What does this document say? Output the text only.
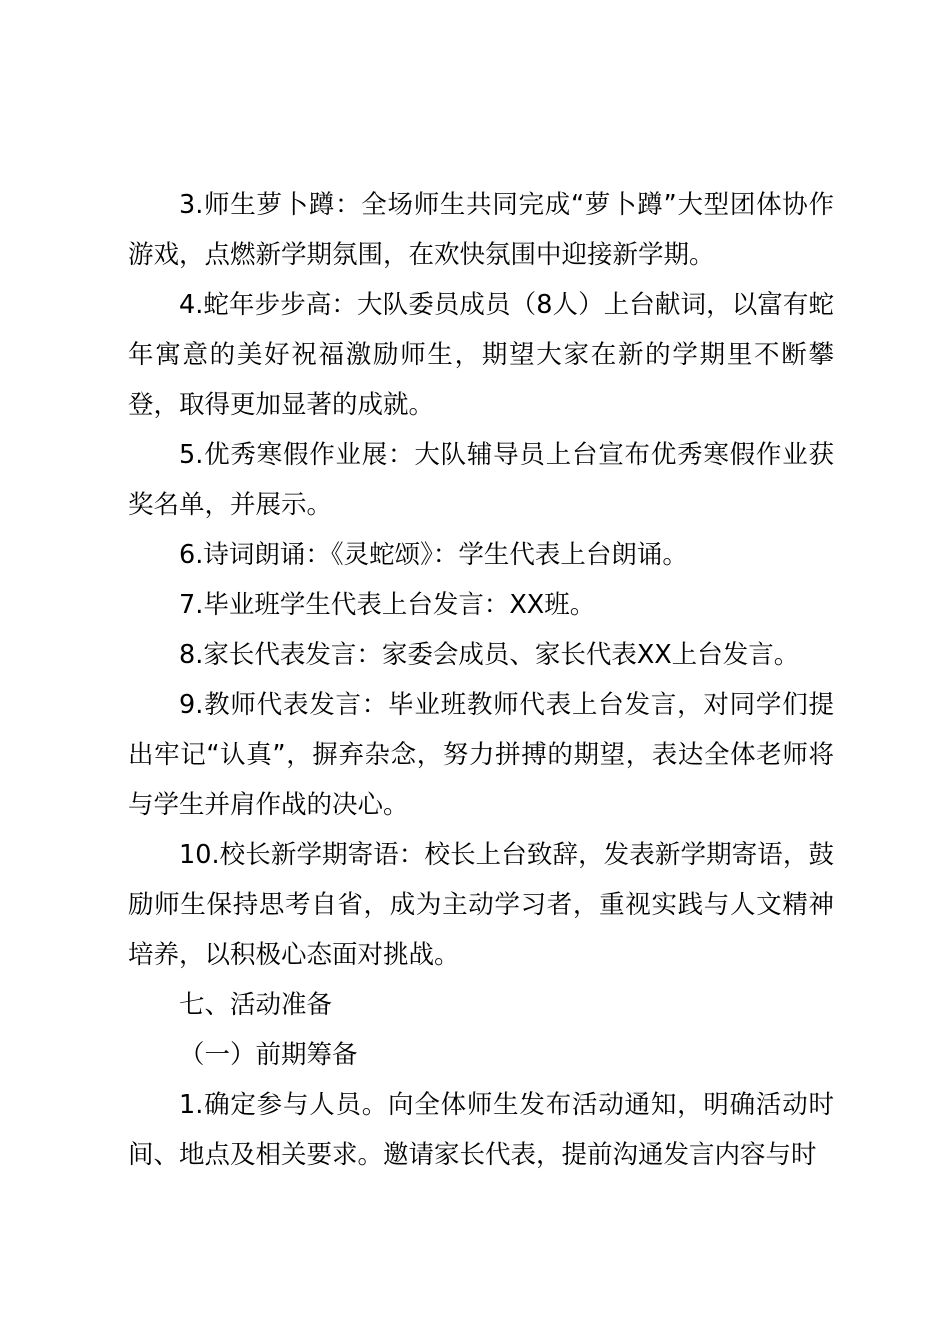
3.师生萝卜蹲：全场师生共同完成“萝卜蹲”大型团体协作游戏，点燃新学期氛围，在欢快氛围中迎接新学期。

4.蛇年步步高：大队委员成员（8人）上台献词，以富有蛇年寓意的美好祝福激励师生，期望大家在新的学期里不断攀登，取得更加显著的成就。

5.优秀寒假作业展：大队辅导员上台宣布优秀寒假作业获奖名单，并展示。

6.诗词朗诵：《灵蛇颂》：学生代表上台朗诵。

7.毕业班学生代表上台发言：XX班。

8.家长代表发言：家委会成员、家长代表XX上台发言。

9.教师代表发言：毕业班教师代表上台发言，对同学们提出牢记“认真”，摒弃杂念，努力拼搏的期望，表达全体老师将与学生并肩作战的决心。

10.校长新学期寄语：校长上台致辞，发表新学期寄语，鼓励师生保持思考自省，成为主动学习者，重视实践与人文精神培养，以积极心态面对挑战。

七、活动准备

（一）前期筹备

1.确定参与人员。向全体师生发布活动通知，明确活动时间、地点及相关要求。邀请家长代表，提前沟通发言内容与时
